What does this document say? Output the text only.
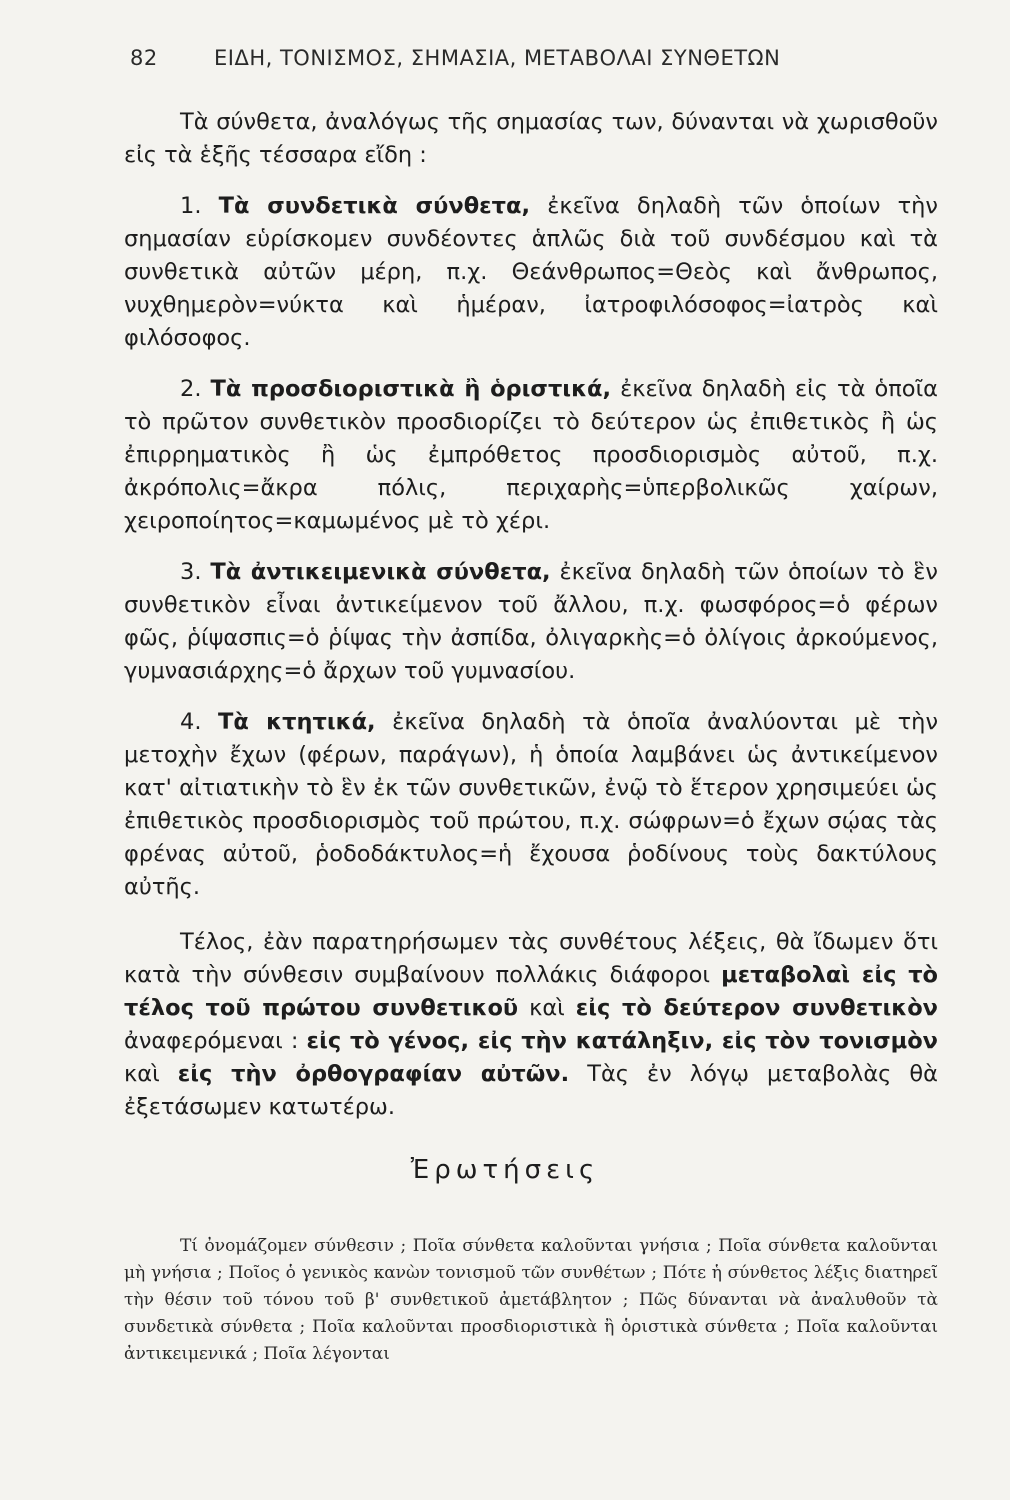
82	ΕΙΔΗ, ΤΟΝΙΣΜΟΣ, ΣΗΜΑΣΙΑ, ΜΕΤΑΒΟΛΑΙ ΣΥΝΘΕΤΩΝ

Τὰ σύνθετα, ἀναλόγως τῆς σημασίας των, δύνανται νὰ χωρισθοῦν εἰς τὰ ἑξῆς τέσσαρα εἴδη :

1. Τὰ συνδετικὰ σύνθετα, ἐκεῖνα δηλαδὴ τῶν ὁποίων τὴν σημασίαν εὑρίσκομεν συνδέοντες ἁπλῶς διὰ τοῦ συνδέσμου καὶ τὰ συνθετικὰ αὐτῶν μέρη, π.χ. Θεάνθρωπος=Θεὸς καὶ ἄνθρωπος, νυχθημερὸν=νύκτα καὶ ἡμέραν, ἰατροφιλόσοφος=ἰατρὸς καὶ φιλόσοφος.

2. Τὰ προσδιοριστικὰ ἢ ὁριστικά, ἐκεῖνα δηλαδὴ εἰς τὰ ὁποῖα τὸ πρῶτον συνθετικὸν προσδιορίζει τὸ δεύτερον ὡς ἐπιθετικὸς ἢ ὡς ἐπιρρηματικὸς ἢ ὡς ἐμπρόθετος προσδιορισμὸς αὐτοῦ, π.χ. ἀκρόπολις=ἄκρα πόλις, περιχαρὴς=ὑπερβολικῶς χαίρων, χειροποίητος=καμωμένος μὲ τὸ χέρι.

3. Τὰ ἀντικειμενικὰ σύνθετα, ἐκεῖνα δηλαδὴ τῶν ὁποίων τὸ ἓν συνθετικὸν εἶναι ἀντικείμενον τοῦ ἄλλου, π.χ. φωσφόρος=ὁ φέρων φῶς, ῥίψασπις=ὁ ῥίψας τὴν ἀσπίδα, ὀλιγαρκὴς=ὁ ὀλίγοις ἀρκούμενος, γυμνασιάρχης=ὁ ἄρχων τοῦ γυμνασίου.

4. Τὰ κτητικά, ἐκεῖνα δηλαδὴ τὰ ὁποῖα ἀναλύονται μὲ τὴν μετοχὴν ἔχων (φέρων, παράγων), ἡ ὁποία λαμβάνει ὡς ἀντικείμενον κατ' αἰτιατικὴν τὸ ἓν ἐκ τῶν συνθετικῶν, ἐνῷ τὸ ἕτερον χρησιμεύει ὡς ἐπιθετικὸς προσδιορισμὸς τοῦ πρώτου, π.χ. σώφρων=ὁ ἔχων σῴας τὰς φρένας αὐτοῦ, ῥοδοδάκτυλος=ἡ ἔχουσα ῥοδίνους τοὺς δακτύλους αὐτῆς.

Τέλος, ἐὰν παρατηρήσωμεν τὰς συνθέτους λέξεις, θὰ ἴδωμεν ὅτι κατὰ τὴν σύνθεσιν συμβαίνουν πολλάκις διάφοροι μεταβολαὶ εἰς τὸ τέλος τοῦ πρώτου συνθετικοῦ καὶ εἰς τὸ δεύτερον συνθετικὸν ἀναφερόμεναι : εἰς τὸ γένος, εἰς τὴν κατάληξιν, εἰς τὸν τονισμὸν καὶ εἰς τὴν ὀρθογραφίαν αὐτῶν. Τὰς ἐν λόγῳ μεταβολὰς θὰ ἐξετάσωμεν κατωτέρω.

Ἐρωτήσεις

Τί ὀνομάζομεν σύνθεσιν ; Ποῖα σύνθετα καλοῦνται γνήσια ; Ποῖα σύνθετα καλοῦνται μὴ γνήσια ; Ποῖος ὁ γενικὸς κανὼν τονισμοῦ τῶν συνθέτων ; Πότε ἡ σύνθετος λέξις διατηρεῖ τὴν θέσιν τοῦ τόνου τοῦ β' συνθετικοῦ ἀμετάβλητον ; Πῶς δύνανται νὰ ἀναλυθοῦν τὰ συνδετικὰ σύνθετα ; Ποῖα καλοῦνται προσδιοριστικὰ ἢ ὁριστικὰ σύνθετα ; Ποῖα καλοῦνται ἀντικειμενικά ; Ποῖα λέγονται
